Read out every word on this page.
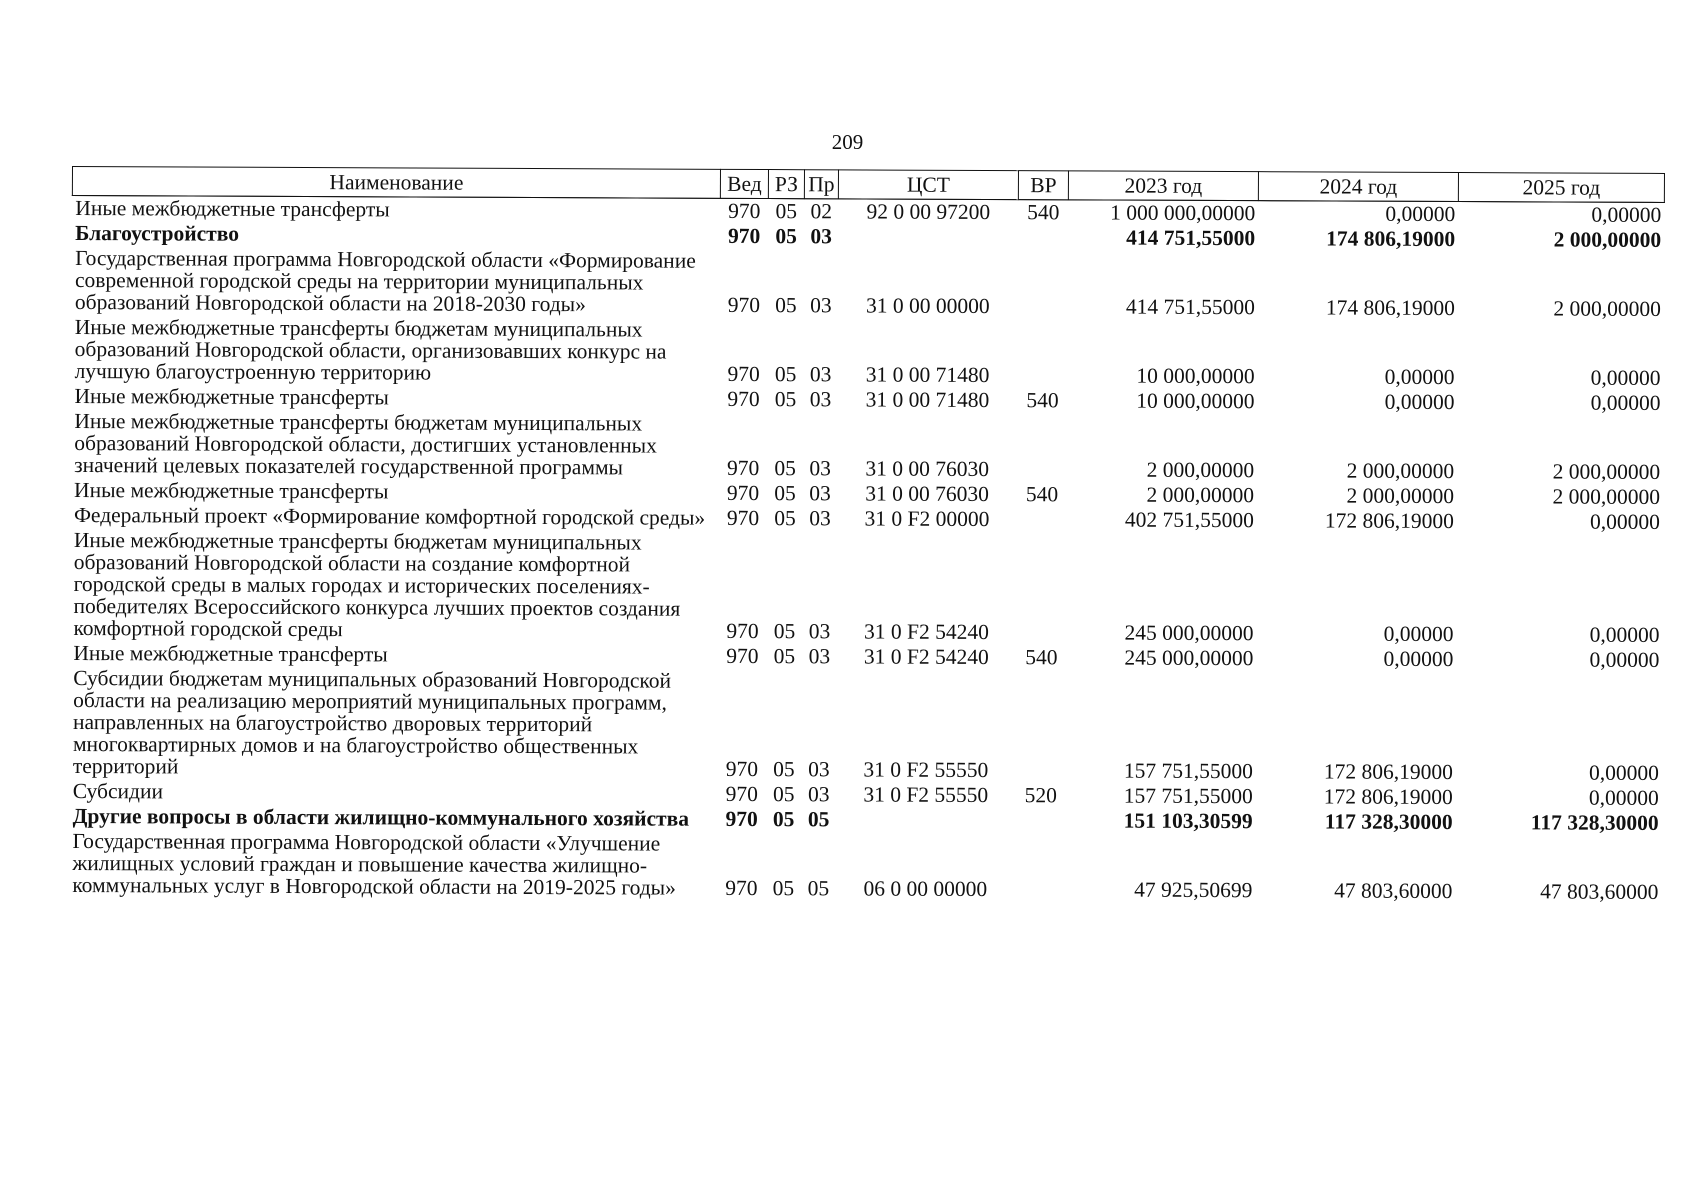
209
Наименование	Вед	РЗ	Пр	ЦСТ	ВР	2023 год	2024 год	2025 год
Иные межбюджетные трансферты	970	05	02	92 0 00 97200	540	1 000 000,00000	0,00000	0,00000
Благоустройство	970	05	03			414 751,55000	174 806,19000	2 000,00000
Государственная программа Новгородской области «Формирование современной городской среды на территории муниципальных образований Новгородской области на 2018-2030 годы»	970	05	03	31 0 00 00000		414 751,55000	174 806,19000	2 000,00000
Иные межбюджетные трансферты бюджетам муниципальных образований Новгородской области, организовавших конкурс на лучшую благоустроенную территорию	970	05	03	31 0 00 71480		10 000,00000	0,00000	0,00000
Иные межбюджетные трансферты	970	05	03	31 0 00 71480	540	10 000,00000	0,00000	0,00000
Иные межбюджетные трансферты бюджетам муниципальных образований Новгородской области, достигших установленных значений целевых показателей государственной программы	970	05	03	31 0 00 76030		2 000,00000	2 000,00000	2 000,00000
Иные межбюджетные трансферты	970	05	03	31 0 00 76030	540	2 000,00000	2 000,00000	2 000,00000
Федеральный проект «Формирование комфортной городской среды»	970	05	03	31 0 F2 00000		402 751,55000	172 806,19000	0,00000
Иные межбюджетные трансферты бюджетам муниципальных образований Новгородской области на создание комфортной городской среды в малых городах и исторических поселениях-победителях Всероссийского конкурса лучших проектов создания комфортной городской среды	970	05	03	31 0 F2 54240		245 000,00000	0,00000	0,00000
Иные межбюджетные трансферты	970	05	03	31 0 F2 54240	540	245 000,00000	0,00000	0,00000
Субсидии бюджетам муниципальных образований Новгородской области на реализацию мероприятий муниципальных программ, направленных на благоустройство дворовых территорий многоквартирных домов и на благоустройство общественных территорий	970	05	03	31 0 F2 55550		157 751,55000	172 806,19000	0,00000
Субсидии	970	05	03	31 0 F2 55550	520	157 751,55000	172 806,19000	0,00000
Другие вопросы в области жилищно-коммунального хозяйства	970	05	05			151 103,30599	117 328,30000	117 328,30000
Государственная программа Новгородской области «Улучшение жилищных условий граждан и повышение качества жилищно-коммунальных услуг в Новгородской области на 2019-2025 годы»	970	05	05	06 0 00 00000		47 925,50699	47 803,60000	47 803,60000
